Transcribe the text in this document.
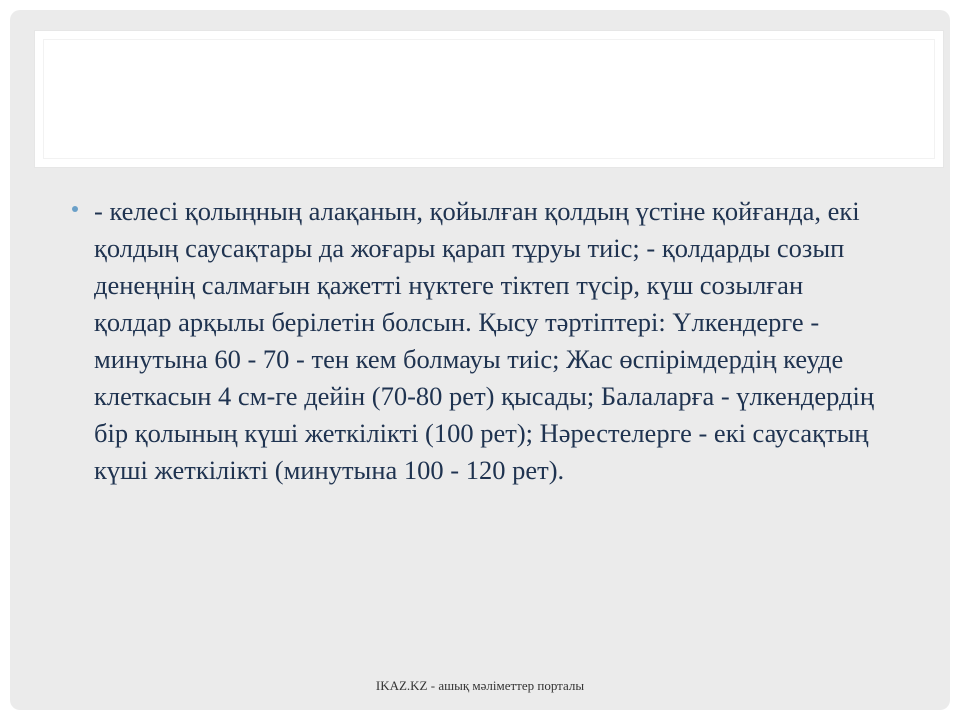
- келесі қолыңның алақанын, қойылған қолдың үстіне қойғанда, екі қолдың саусақтары да жоғары қарап тұруы тиіс; - қолдарды созып денеңнің салмағын қажетті нүктеге тіктеп түсір, күш созылған қолдар арқылы берілетін болсын. Қысу тәртіптері: Үлкендерге - минутына 60 - 70 - тен кем болмауы тиіс; Жас өспірімдердің кеуде клеткасын 4 см-ге дейін (70-80 рет) қысады; Балаларға - үлкендердің бір қолының күші жеткілікті (100 рет); Нәрестелерге - екі саусақтың күші жеткілікті (минутына 100 - 120 рет).

IKAZ.KZ - ашық мәліметтер порталы
